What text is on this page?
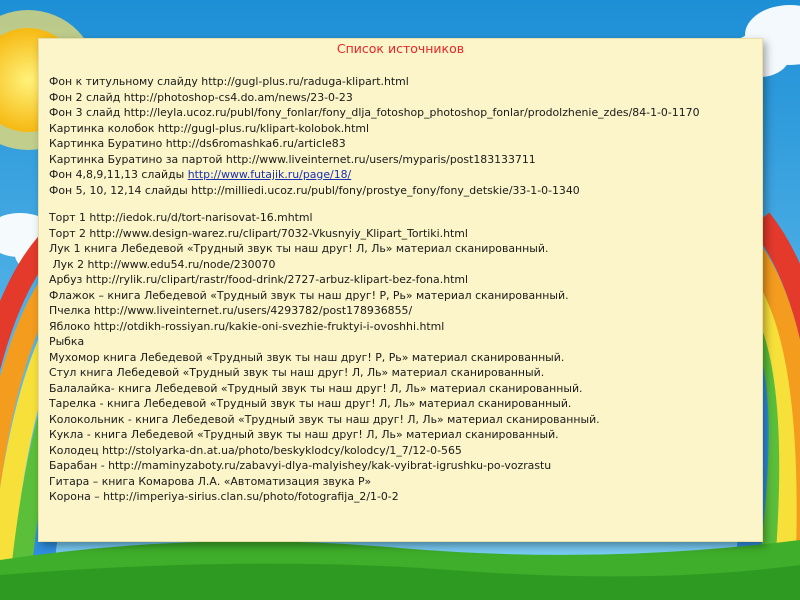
Список источников
Фон к титульному слайду http://gugl-plus.ru/raduga-klipart.html
Фон 2 слайд http://photoshop-cs4.do.am/news/23-0-23
Фон 3 слайд http://leyla.ucoz.ru/publ/fony_fonlar/fony_dlja_fotoshop_photoshop_fonlar/prodolzhenie_zdes/84-1-0-1170
Картинка колобок http://gugl-plus.ru/klipart-kolobok.html
Картинка Буратино http://ds6romashka6.ru/article83
Картинка Буратино за партой http://www.liveinternet.ru/users/myparis/post183133711
Фон 4,8,9,11,13 слайды http://www.futajik.ru/page/18/
Фон 5, 10, 12,14 слайды http://milliedi.ucoz.ru/publ/fony/prostye_fony/fony_detskie/33-1-0-1340
Торт 1 http://iedok.ru/d/tort-narisovat-16.mhtml
Торт 2 http://www.design-warez.ru/clipart/7032-Vkusnyiy_Klipart_Tortiki.html
Лук 1 книга Лебедевой «Трудный звук ты наш друг! Л, Ль» материал сканированный.
Лук 2 http://www.edu54.ru/node/230070
Арбуз http://rylik.ru/clipart/rastr/food-drink/2727-arbuz-klipart-bez-fona.html
Флажок – книга Лебедевой «Трудный звук ты наш друг! Р, Рь» материал сканированный.
Пчелка http://www.liveinternet.ru/users/4293782/post178936855/
Яблоко http://otdikh-rossiyan.ru/kakie-oni-svezhie-fruktyi-i-ovoshhi.html
Рыбка
Мухомор книга Лебедевой «Трудный звук ты наш друг! Р, Рь» материал сканированный.
Стул книга Лебедевой «Трудный звук ты наш друг! Л, Ль» материал сканированный.
Балалайка- книга Лебедевой «Трудный звук ты наш друг! Л, Ль» материал сканированный.
Тарелка - книга Лебедевой «Трудный звук ты наш друг! Л, Ль» материал сканированный.
Колокольник - книга Лебедевой «Трудный звук ты наш друг! Л, Ль» материал сканированный.
Кукла - книга Лебедевой «Трудный звук ты наш друг! Л, Ль» материал сканированный.
Колодец http://stolyarka-dn.at.ua/photo/beskyklodcy/kolodcy/1_7/12-0-565
Барабан - http://maminyzaboty.ru/zabavyi-dlya-malyishey/kak-vyibrat-igrushku-po-vozrastu
Гитара – книга Комарова Л.А. «Автоматизация звука Р»
Корона – http://imperiya-sirius.clan.su/photo/fotografija_2/1-0-2
